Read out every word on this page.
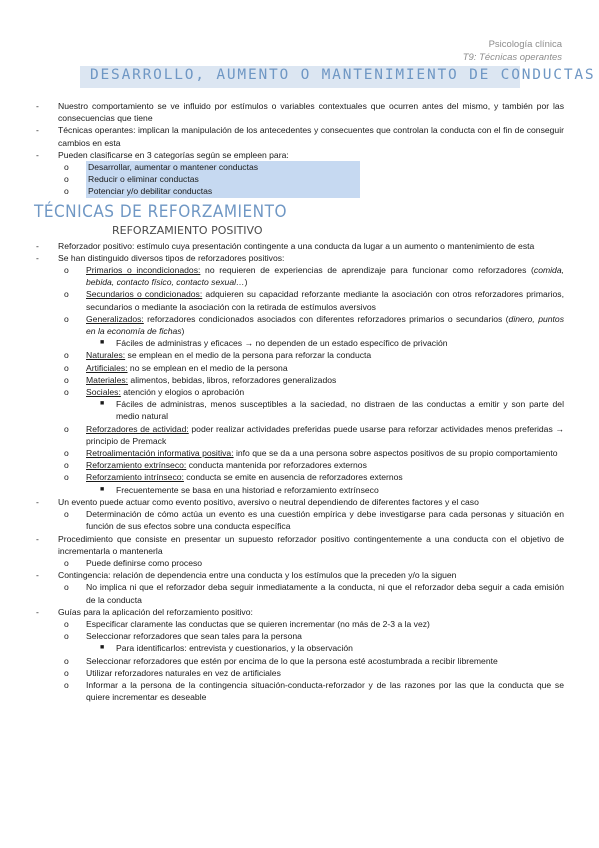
Psicología clínica
T9: Técnicas operantes
DESARROLLO, AUMENTO O MANTENIMIENTO DE CONDUCTAS
- Nuestro comportamiento se ve influido por estímulos o variables contextuales que ocurren antes del mismo, y también por las consecuencias que tiene
- Técnicas operantes: implican la manipulación de los antecedentes y consecuentes que controlan la conducta con el fin de conseguir cambios en esta
- Pueden clasificarse en 3 categorías según se empleen para:
o Desarrollar, aumentar o mantener conductas
o Reducir o eliminar conductas
o Potenciar y/o debilitar conductas
TÉCNICAS DE REFORZAMIENTO
REFORZAMIENTO POSITIVO
- Reforzador positivo: estímulo cuya presentación contingente a una conducta da lugar a un aumento o mantenimiento de esta
- Se han distinguido diversos tipos de reforzadores positivos:
o Primarios o incondicionados: no requieren de experiencias de aprendizaje para funcionar como reforzadores (comida, bebida, contacto físico, contacto sexual…)
o Secundarios o condicionados: adquieren su capacidad reforzante mediante la asociación con otros reforzadores primarios, secundarios o mediante la asociación con la retirada de estímulos aversivos
o Generalizados: reforzadores condicionados asociados con diferentes reforzadores primarios o secundarios (dinero, puntos en la economía de fichas)
■ Fáciles de administras y eficaces → no dependen de un estado específico de privación
o Naturales: se emplean en el medio de la persona para reforzar la conducta
o Artificiales: no se emplean en el medio de la persona
o Materiales: alimentos, bebidas, libros, reforzadores generalizados
o Sociales: atención y elogios o aprobación
■ Fáciles de administras, menos susceptibles a la saciedad, no distraen de las conductas a emitir y son parte del medio natural
o Reforzadores de actividad: poder realizar actividades preferidas puede usarse para reforzar actividades menos preferidas → principio de Premack
o Retroalimentación informativa positiva: info que se da a una persona sobre aspectos positivos de su propio comportamiento
o Reforzamiento extrínseco: conducta mantenida por reforzadores externos
o Reforzamiento intrínseco: conducta se emite en ausencia de reforzadores externos
■ Frecuentemente se basa en una historiad e reforzamiento extrínseco
- Un evento puede actuar como evento positivo, aversivo o neutral dependiendo de diferentes factores y el caso
o Determinación de cómo actúa un evento es una cuestión empírica y debe investigarse para cada personas y situación en función de sus efectos sobre una conducta específica
- Procedimiento que consiste en presentar un supuesto reforzador positivo contingentemente a una conducta con el objetivo de incrementarla o mantenerla
o Puede definirse como proceso
- Contingencia: relación de dependencia entre una conducta y los estímulos que la preceden y/o la siguen
o No implica ni que el reforzador deba seguir inmediatamente a la conducta, ni que el reforzador deba seguir a cada emisión de la conducta
- Guías para la aplicación del reforzamiento positivo:
o Especificar claramente las conductas que se quieren incrementar (no más de 2-3 a la vez)
o Seleccionar reforzadores que sean tales para la persona
■ Para identificarlos: entrevista y cuestionarios, y la observación
o Seleccionar reforzadores que estén por encima de lo que la persona esté acostumbrada a recibir libremente
o Utilizar reforzadores naturales en vez de artificiales
o Informar a la persona de la contingencia situación-conducta-reforzador y de las razones por las que la conducta que se quiere incrementar es deseable
